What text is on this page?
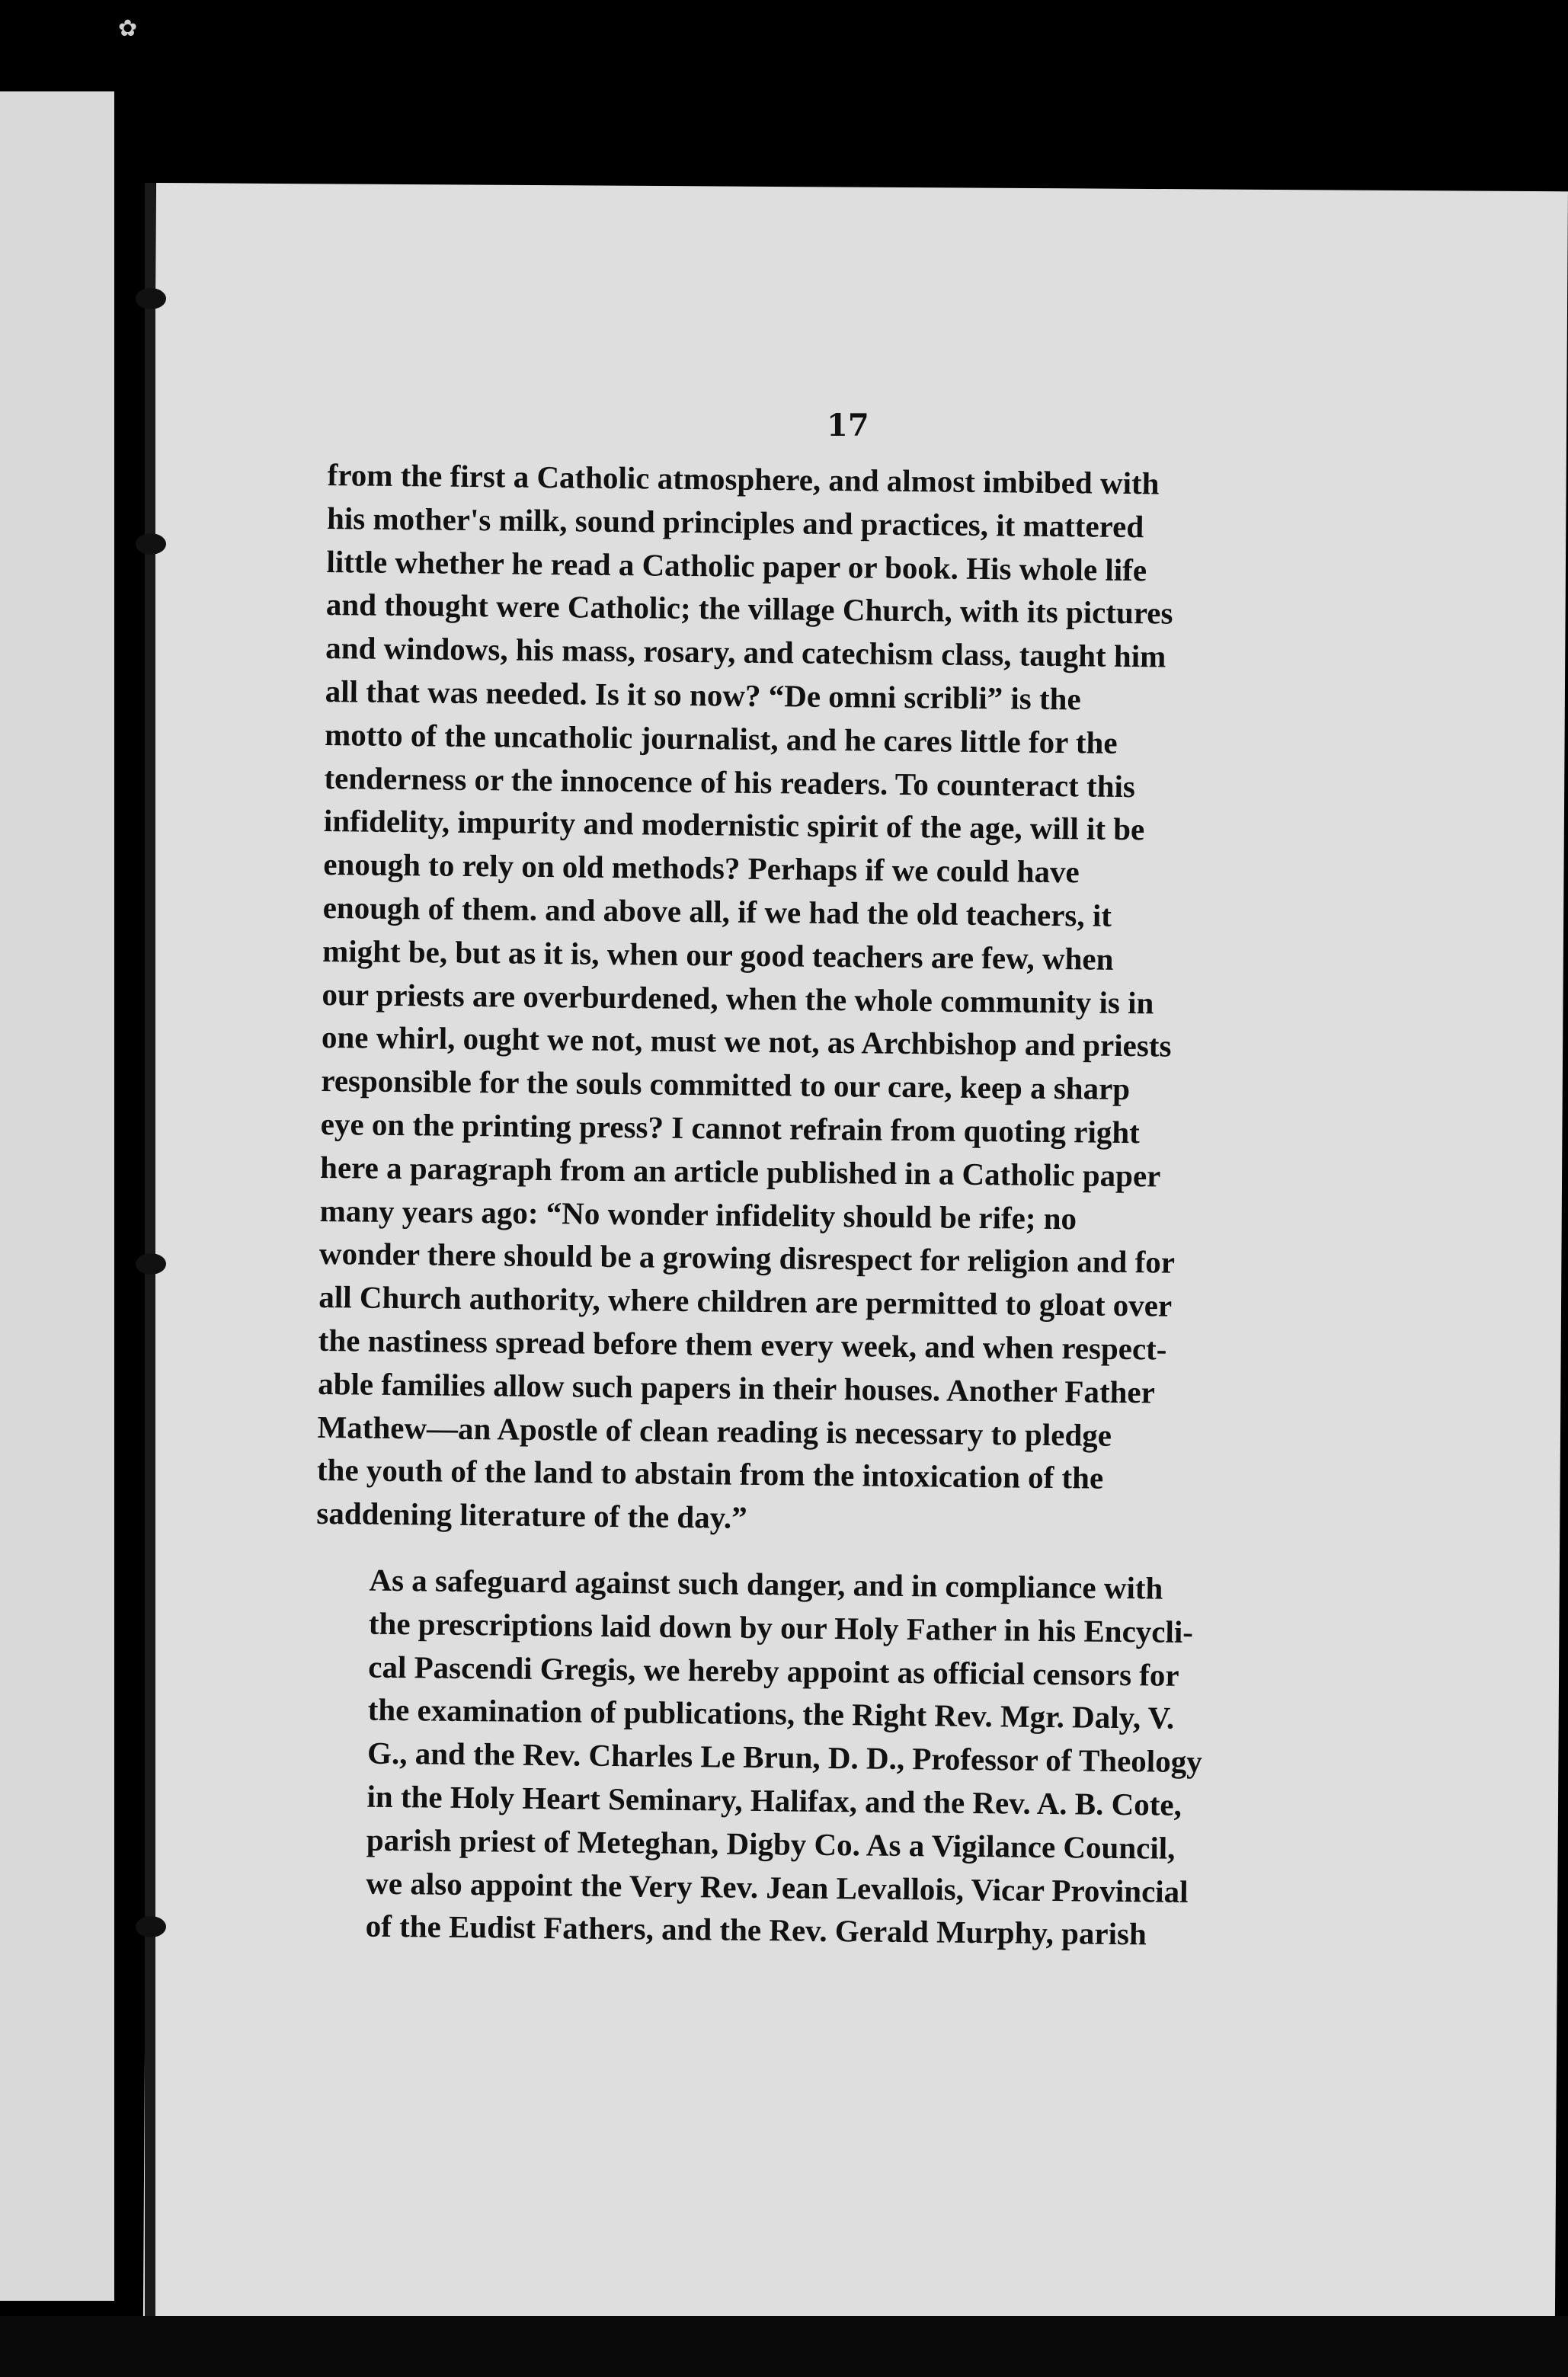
✿
17

from the first a Catholic atmosphere, and almost imbibed with
his mother's milk, sound principles and practices, it mattered
little whether he read a Catholic paper or book. His whole life
and thought were Catholic; the village Church, with its pictures
and windows, his mass, rosary, and catechism class, taught him
all that was needed. Is it so now? “De omni scribli” is the
motto of the uncatholic journalist, and he cares little for the
tenderness or the innocence of his readers. To counteract this
infidelity, impurity and modernistic spirit of the age, will it be
enough to rely on old methods? Perhaps if we could have
enough of them. and above all, if we had the old teachers, it
might be, but as it is, when our good teachers are few, when
our priests are overburdened, when the whole community is in
one whirl, ought we not, must we not, as Archbishop and priests
responsible for the souls committed to our care, keep a sharp
eye on the printing press? I cannot refrain from quoting right
here a paragraph from an article published in a Catholic paper
many years ago: “No wonder infidelity should be rife; no
wonder there should be a growing disrespect for religion and for
all Church authority, where children are permitted to gloat over
the nastiness spread before them every week, and when respect-
able families allow such papers in their houses. Another Father
Mathew—an Apostle of clean reading is necessary to pledge
the youth of the land to abstain from the intoxication of the
saddening literature of the day.”

As a safeguard against such danger, and in compliance with
the prescriptions laid down by our Holy Father in his Encycli-
cal Pascendi Gregis, we hereby appoint as official censors for
the examination of publications, the Right Rev. Mgr. Daly, V.
G., and the Rev. Charles Le Brun, D. D., Professor of Theology
in the Holy Heart Seminary, Halifax, and the Rev. A. B. Cote,
parish priest of Meteghan, Digby Co. As a Vigilance Council,
we also appoint the Very Rev. Jean Levallois, Vicar Provincial
of the Eudist Fathers, and the Rev. Gerald Murphy, parish
